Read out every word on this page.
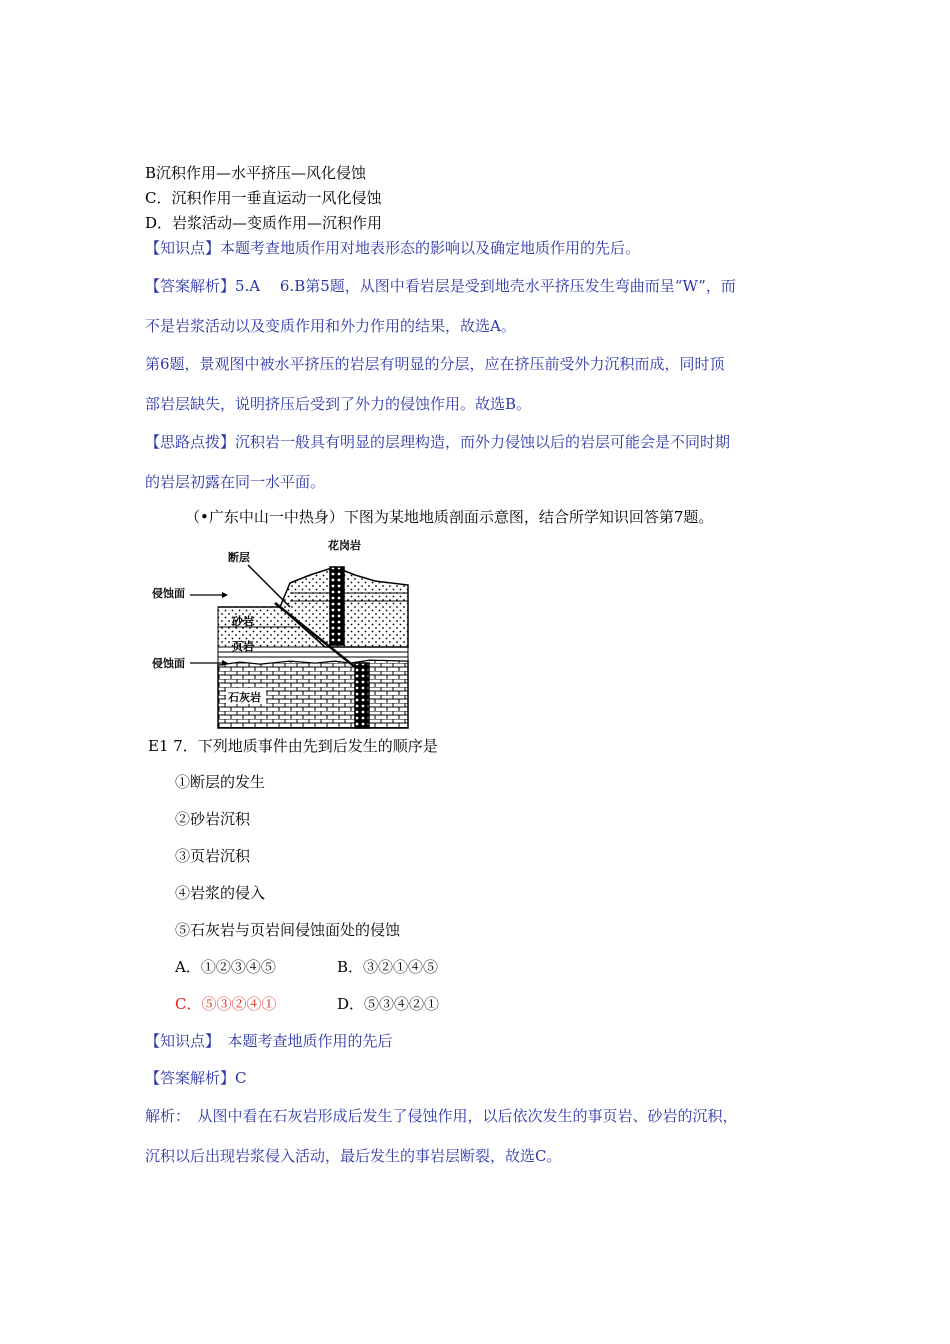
B沉积作用—水平挤压—风化侵蚀
C．沉积作用一垂直运动一风化侵蚀
D．岩浆活动—变质作用—沉积作用
【知识点】本题考查地质作用对地表形态的影响以及确定地质作用的先后。
【答案解析】5.A　 6.B第5题，从图中看岩层是受到地壳水平挤压发生弯曲而呈“W”，而
不是岩浆活动以及变质作用和外力作用的结果，故选A。
第6题，景观图中被水平挤压的岩层有明显的分层，应在挤压前受外力沉积而成，同时顶
部岩层缺失，说明挤压后受到了外力的侵蚀作用。故选B。
【思路点拨】沉积岩一般具有明显的层理构造，而外力侵蚀以后的岩层可能会是不同时期
的岩层初露在同一水平面。
（•广东中山一中热身）下图为某地地质剖面示意图，结合所学知识回答第7题。
断层
花岗岩
侵蚀面
砂岩
页岩
侵蚀面
石灰岩
E1 7．下列地质事件由先到后发生的顺序是
①断层的发生
②砂岩沉积
③页岩沉积
④岩浆的侵入
⑤石灰岩与页岩间侵蚀面处的侵蚀
A．①②③④⑤	B．③②①④⑤
C．⑤③②④①	D．⑤③④②①
【知识点】　本题考查地质作用的先后
【答案解析】C
解析：　从图中看在石灰岩形成后发生了侵蚀作用，以后依次发生的事页岩、砂岩的沉积，
沉积以后出现岩浆侵入活动，最后发生的事岩层断裂，故选C。
